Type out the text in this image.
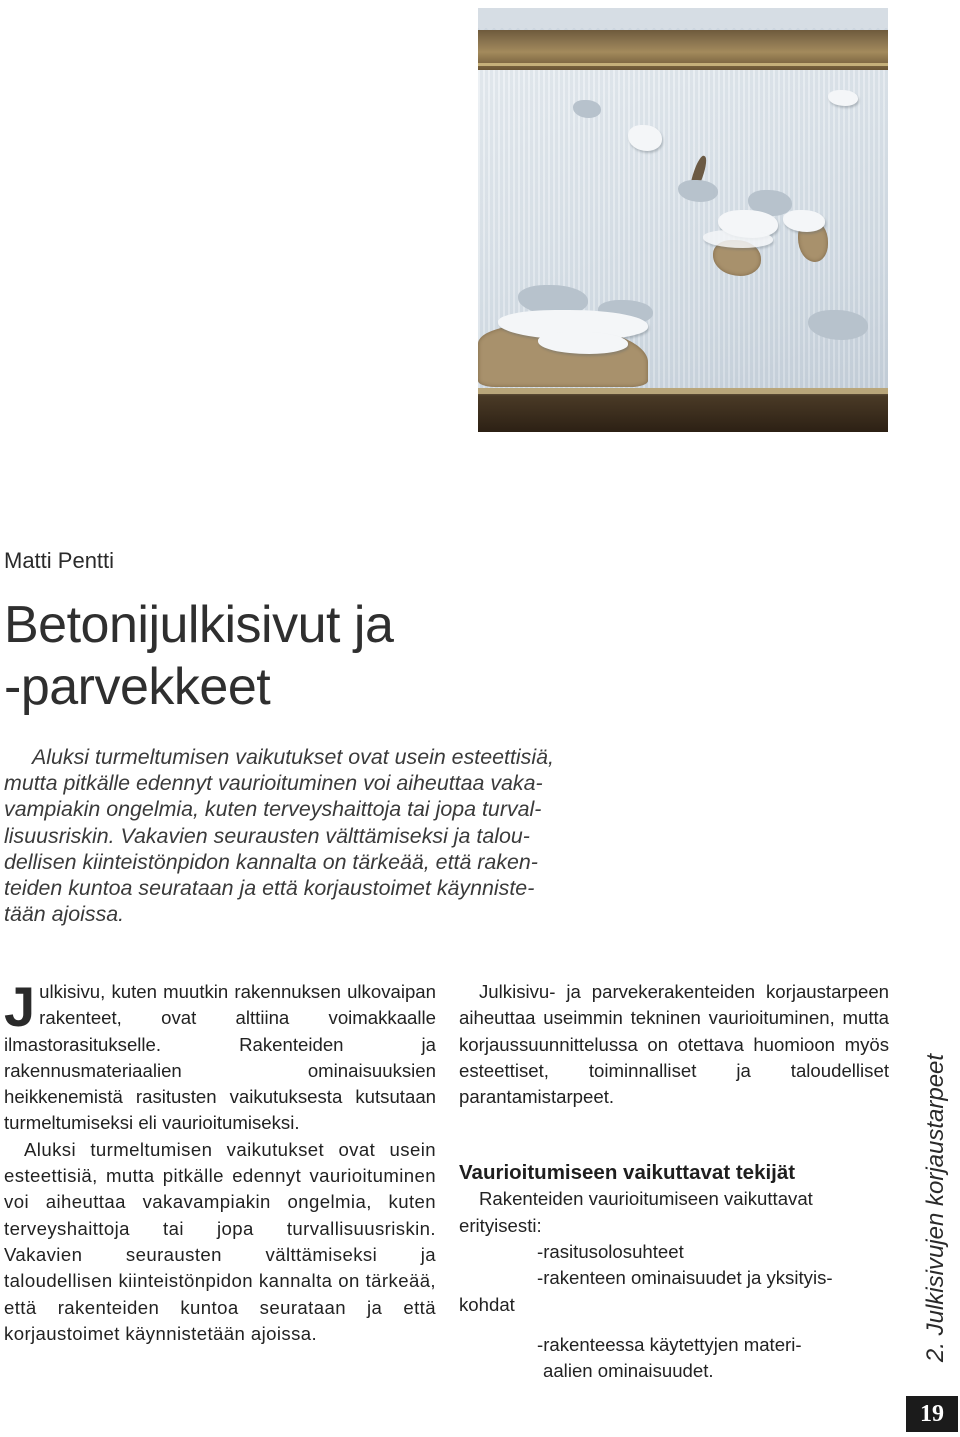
Matti Pentti
Betonijulkisivut ja
-parvekkeet
Aluksi turmeltumisen vaikutukset ovat usein esteettisiä,
mutta pitkälle edennyt vaurioituminen voi aiheuttaa vaka-
vampiakin ongelmia, kuten terveyshaittoja tai jopa turval-
lisuusriskin. Vakavien seurausten välttämiseksi ja talou-
dellisen kiinteistönpidon kannalta on tärkeää, että raken-
teiden kuntoa seurataan ja että korjaustoimet käynniste-
tään ajoissa.

Julkisivu, kuten muutkin rakennuksen ulkovaipan rakenteet, ovat alttiina voimakkaalle ilmastorasitukselle. Rakenteiden ja rakennusmateriaalien ominaisuuksien heikkenemistä rasitusten vaikutuksesta kutsutaan turmeltumiseksi eli vaurioitumiseksi.

Aluksi turmeltumisen vaikutukset ovat usein esteettisiä, mutta pitkälle edennyt vaurioituminen voi aiheuttaa vakavampiakin ongelmia, kuten terveyshaittoja tai jopa turvallisuusriskin. Vakavien seurausten välttämiseksi ja taloudellisen kiinteistönpidon kannalta on tärkeää, että rakenteiden kuntoa seurataan ja että korjaustoimet käynnistetään ajoissa.

Julkisivu- ja parvekerakenteiden korjaustarpeen aiheuttaa useimmin tekninen vaurioituminen, mutta korjaussuunnittelussa on otettava huomioon myös esteettiset, toiminnalliset ja taloudelliset parantamistarpeet.

Vaurioitumiseen vaikuttavat tekijät

Rakenteiden vaurioitumiseen vaikuttavat erityisesti:

-rasitusolosuhteet

-rakenteen ominaisuudet ja yksityis-
kohdat

-rakenteessa käytettyjen materi-
aalien ominaisuudet.

2. Julkisivujen korjaustarpeet
19
